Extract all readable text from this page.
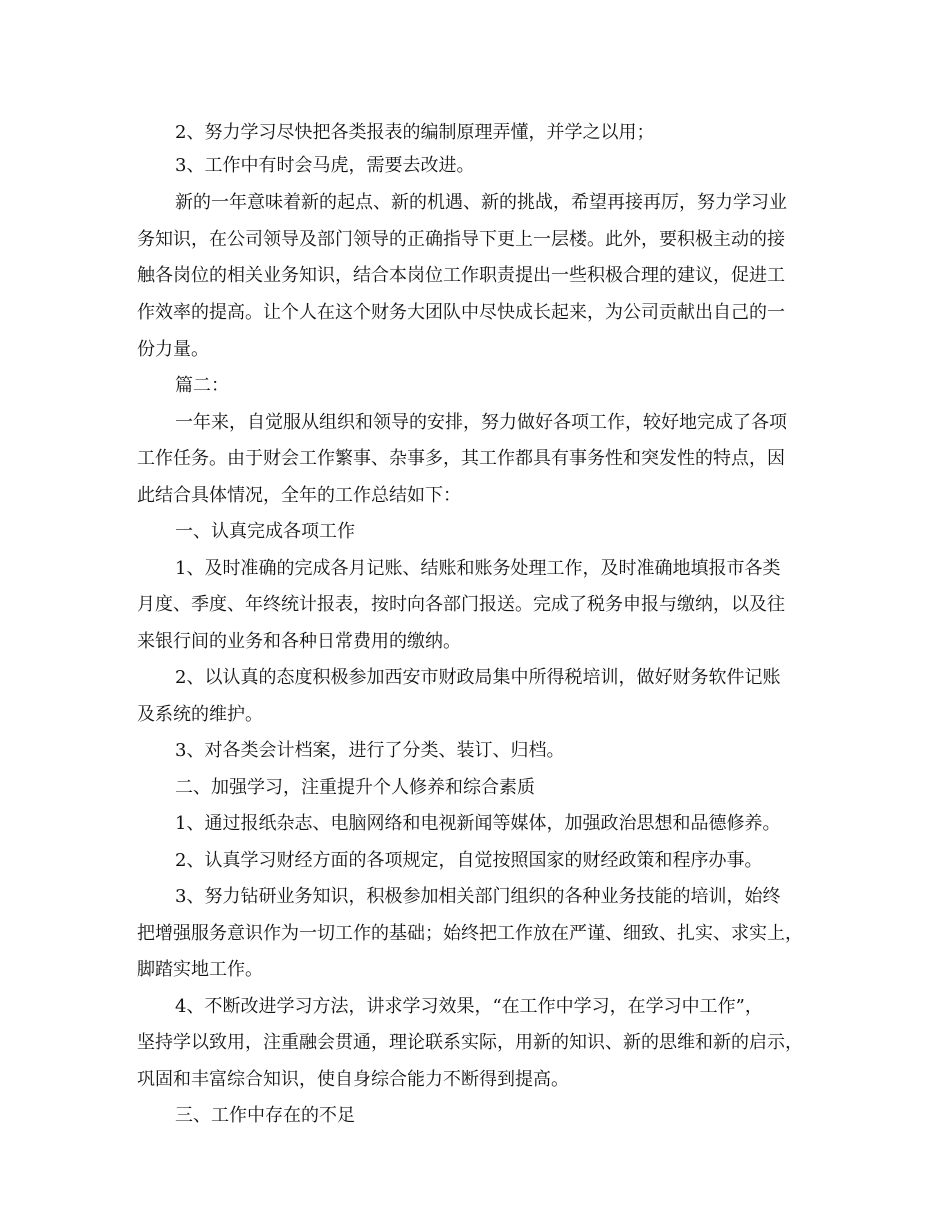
2、努力学习尽快把各类报表的编制原理弄懂，并学之以用；
3、工作中有时会马虎，需要去改进。
新的一年意味着新的起点、新的机遇、新的挑战，希望再接再厉，努力学习业
务知识，在公司领导及部门领导的正确指导下更上一层楼。此外，要积极主动的接
触各岗位的相关业务知识，结合本岗位工作职责提出一些积极合理的建议，促进工
作效率的提高。让个人在这个财务大团队中尽快成长起来，为公司贡献出自己的一
份力量。
篇二：
一年来，自觉服从组织和领导的安排，努力做好各项工作，较好地完成了各项
工作任务。由于财会工作繁事、杂事多，其工作都具有事务性和突发性的特点，因
此结合具体情况，全年的工作总结如下：
一、认真完成各项工作
1、及时准确的完成各月记账、结账和账务处理工作，及时准确地填报市各类
月度、季度、年终统计报表，按时向各部门报送。完成了税务申报与缴纳，以及往
来银行间的业务和各种日常费用的缴纳。
2、以认真的态度积极参加西安市财政局集中所得税培训，做好财务软件记账
及系统的维护。
3、对各类会计档案，进行了分类、装订、归档。
二、加强学习，注重提升个人修养和综合素质
1、通过报纸杂志、电脑网络和电视新闻等媒体，加强政治思想和品德修养。
2、认真学习财经方面的各项规定，自觉按照国家的财经政策和程序办事。
3、努力钻研业务知识，积极参加相关部门组织的各种业务技能的培训，始终
把增强服务意识作为一切工作的基础；始终把工作放在严谨、细致、扎实、求实上，
脚踏实地工作。
4、不断改进学习方法，讲求学习效果，“在工作中学习，在学习中工作”，
坚持学以致用，注重融会贯通，理论联系实际，用新的知识、新的思维和新的启示，
巩固和丰富综合知识，使自身综合能力不断得到提高。
三、工作中存在的不足
